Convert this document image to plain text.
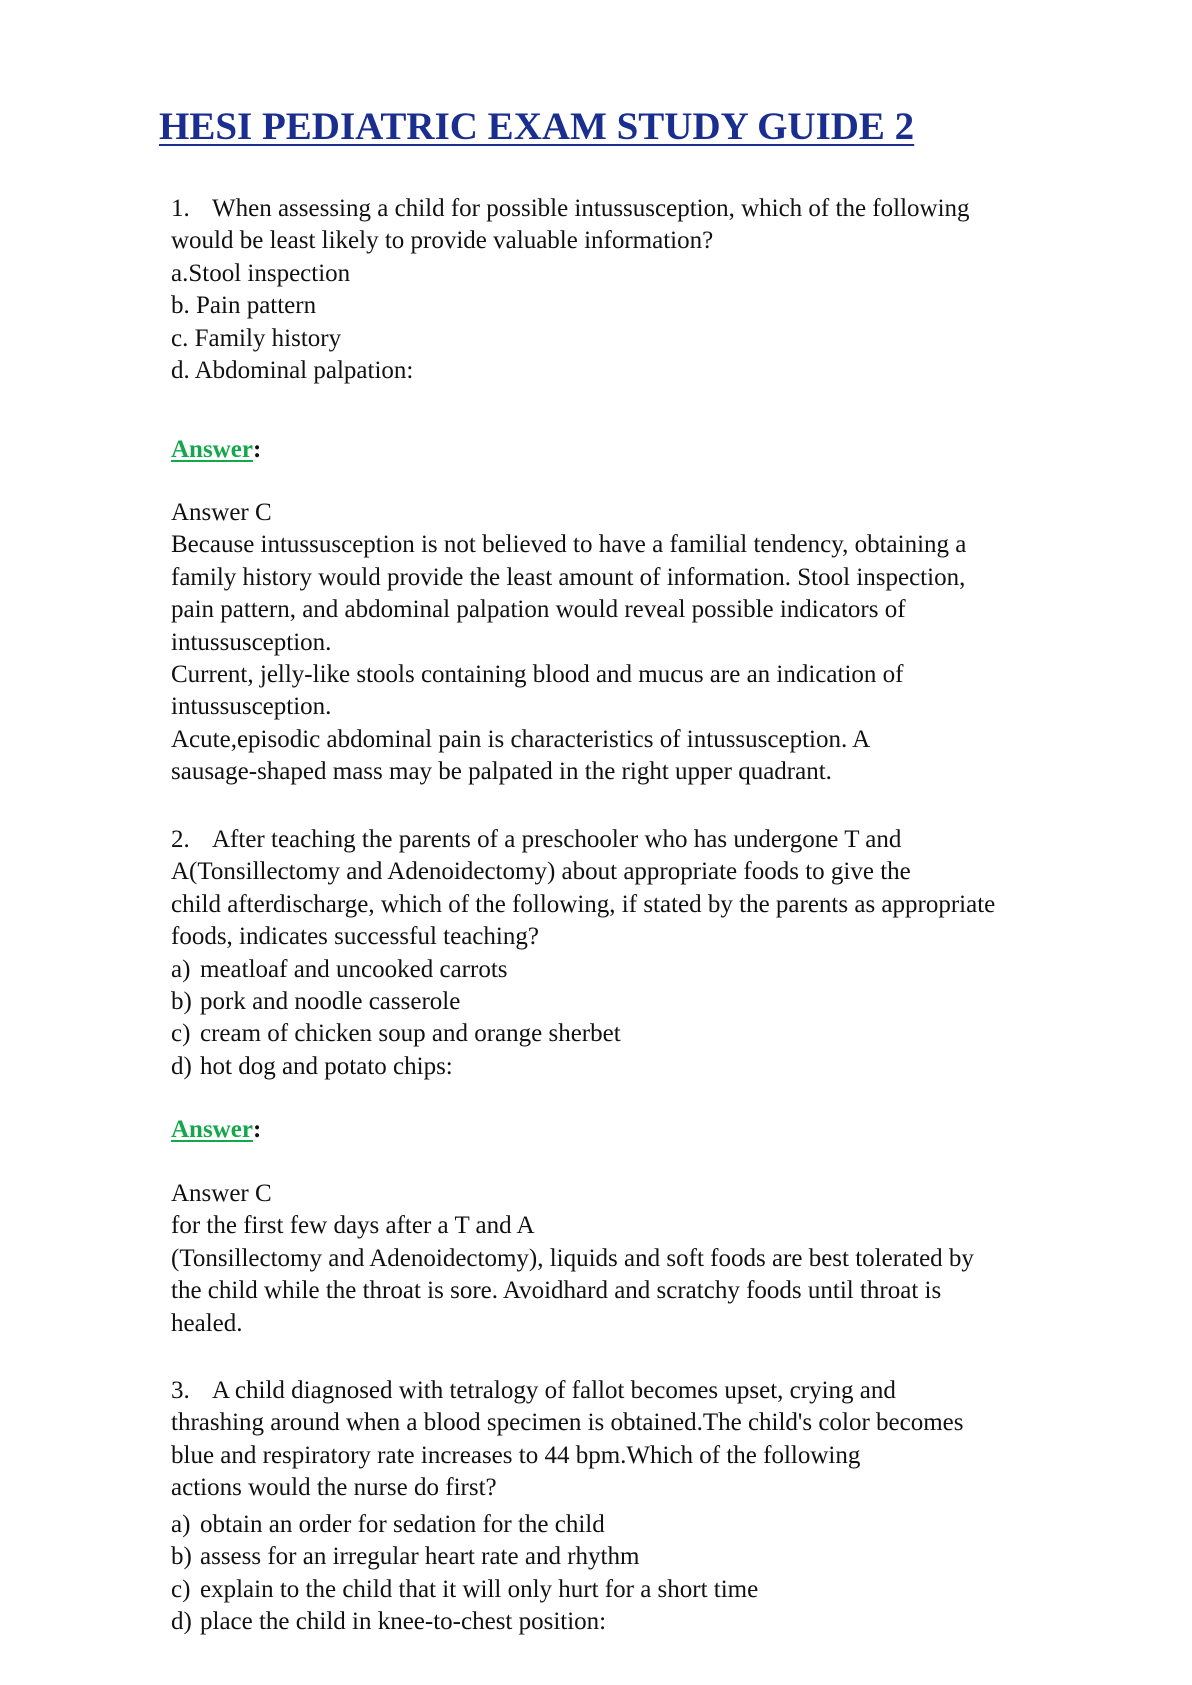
HESI PEDIATRIC EXAM STUDY GUIDE 2
1. When assessing a child for possible intussusception, which of the following
would be least likely to provide valuable information?
a.Stool inspection
b. Pain pattern
c. Family history
d. Abdominal palpation:
Answer:
Answer C
Because intussusception is not believed to have a familial tendency, obtaining a
family history would provide the least amount of information. Stool inspection,
pain pattern, and abdominal palpation would reveal possible indicators of
intussusception.
Current, jelly-like stools containing blood and mucus are an indication of
intussusception.
Acute,episodic abdominal pain is characteristics of intussusception. A
sausage-shaped mass may be palpated in the right upper quadrant.
2. After teaching the parents of a preschooler who has undergone T and
A(Tonsillectomy and Adenoidectomy) about appropriate foods to give the
child afterdischarge, which of the following, if stated by the parents as appropriate
foods, indicates successful teaching?
a) meatloaf and uncooked carrots
b) pork and noodle casserole
c) cream of chicken soup and orange sherbet
d) hot dog and potato chips:
Answer:
Answer C
for the first few days after a T and A
(Tonsillectomy and Adenoidectomy), liquids and soft foods are best tolerated by
the child while the throat is sore. Avoidhard and scratchy foods until throat is
healed.
3. A child diagnosed with tetralogy of fallot becomes upset, crying and
thrashing around when a blood specimen is obtained.The child's color becomes
blue and respiratory rate increases to 44 bpm.Which of the following
actions would the nurse do first?
a) obtain an order for sedation for the child
b) assess for an irregular heart rate and rhythm
c) explain to the child that it will only hurt for a short time
d) place the child in knee-to-chest position:
